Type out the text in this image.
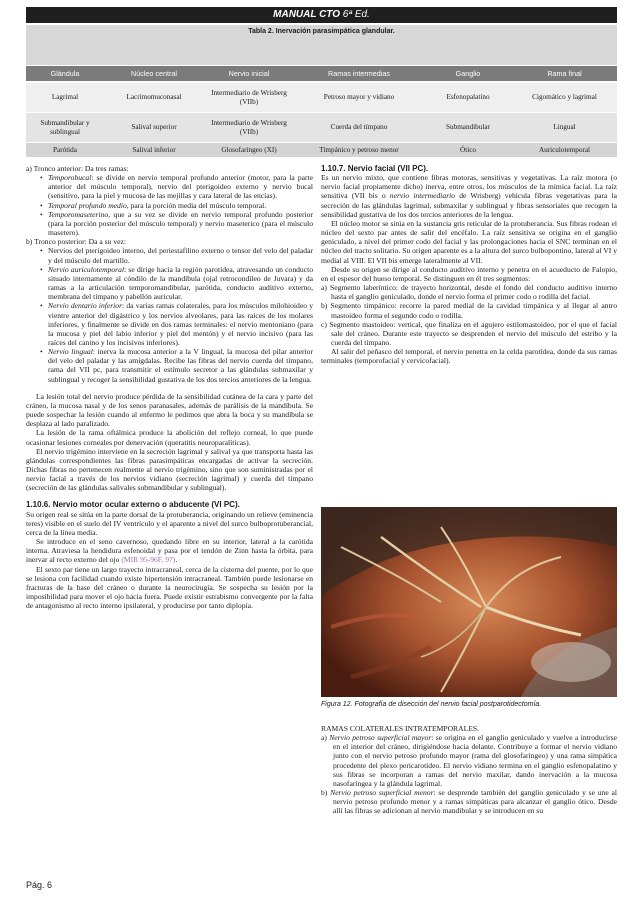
MANUAL CTO 6ª Ed.
Tabla 2. Inervación parasimpática glandular.
Glándula	Núcleo central	Nervio inicial	Ramas intermedias	Ganglio	Rama final
Lagrimal	Lacrimomuconasal	Intermediario de Wrisberg (VIIb)	Petroso mayor y vidiano	Esfenopalatino	Cigomático y lagrimal
Submandibular y sublingual	Salival superior	Intermediario de Wrisberg (VIIb)	Cuerda del tímpano	Submandibular	Lingual
Parótida	Salival inferior	Glosofaríngeo (XI)	Timpánico y petroso menor	Ótico	Auriculotemporal

a) Tronco anterior: Da tres ramas:

• Temporobucal: se divide en nervio temporal profundo anterior (motor, para la parte anterior del músculo temporal), nervio del pterigoideo externo y nervio bucal (sensitivo, para la piel y mucosa de las mejillas y cara lateral de las encías).
• Temporal profundo medio, para la porción media del músculo temporal.
• Temporomaseterino, que a su vez se divide en nervio temporal profundo posterior (para la porción posterior del músculo temporal) y nervio maseterico (para el músculo masetero).

b) Tronco posterior: Da a su vez:

• Nervios del pterigoideo interno, del periestafilino externo o tensor del velo del paladar y del músculo del martillo.
• Nervio auriculotemporal: se dirige hacia la región parotídea, atravesando un conducto situado internamente al cóndilo de la mandíbula (ojal retrocondíleo de Juvara) y da ramas a la articulación temporomandibular, parótida, conducto auditivo externo, membrana del tímpano y pabellón auricular.
• Nervio dentario inferior: da varias ramas colaterales, para los músculos milohioideo y vientre anterior del digástrico y los nervios alveolares, para las raíces de los molares inferiores, y finalmente se divide en dos ramas terminales: el nervio mentoniano (para la mucosa y piel del labio inferior y piel del mentón) y el nervio incisivo (para las raíces del canino y los incisivos inferiores).
• Nervio lingual: inerva la mucosa anterior a la V lingual, la mucosa del pilar anterior del velo del paladar y las amígdalas. Recibe las fibras del nervio cuerda del tímpano, rama del VII pc, para transmitir el estímulo secretor a las glándulas submaxilar y sublingual y recoger la sensibilidad gustativa de los dos tercios anteriores de la lengua.

La lesión total del nervio produce pérdida de la sensibilidad cutánea de la cara y parte del cráneo, la mucosa nasal y de los senos paranasales, además de parálisis de la mandíbula. Se puede sospechar la lesión cuando al enfermo le pedimos que abra la boca y su mandíbula se desplaza al lado paralizado.

La lesión de la rama oftálmica produce la abolición del reflejo corneal, lo que puede ocasionar lesiones corneales por denervación (queratitis neuroparalíticas).

El nervio trigémino interviene en la secreción lagrimal y salival ya que transporta hasta las glándulas correspondientes las fibras parasimpáticas encargadas de activar la secreción. Dichas fibras no pertenecen realmente al nervio trigémino, sino que son suministradas por el nervio facial a través de los nervios vidiano (secreción lagrimal) y cuerda del tímpano (secreción de las glándulas salivales submandibular y sublingual).

1.10.6. Nervio motor ocular externo o abducente (VI PC).

Su origen real se sitúa en la parte dorsal de la protuberancia, originando un relieve (eminencia teres) visible en el suelo del IV ventrículo y el aparente a nivel del surco bulboprotuberancial, cerca de la línea media.

Se introduce en el seno cavernoso, quedando libre en su interior, lateral a la carótida interna. Atraviesa la hendidura esfenoidal y pasa por el tendón de Zinn hasta la órbita, para inervar al recto externo del ojo (MIR 95-96F, 97).

El sexto par tiene un largo trayecto intracraneal, cerca de la cisterna del puente, por lo que se lesiona con facilidad cuando existe hipertensión intracraneal. También puede lesionarse en fracturas de la base del cráneo o durante la neurocirugía. Se sospecha su lesión por la imposibilidad para mover el ojo hacia fuera. Puede existir estrabismo convergente por la falta de antagonismo al recto interno ipsilateral, y producirse por tanto diplopía.

1.10.7. Nervio facial (VII PC).

Es un nervio mixto, que contiene fibras motoras, sensitivas y vegetativas. La raíz motora (o nervio facial propiamente dicho) inerva, entre otros, los músculos de la mímica facial. La raíz sensitiva (VII bis o nervio intermediario de Wrisberg) vehicula fibras vegetativas para la secreción de las glándulas lagrimal, submaxilar y sublingual y fibras sensoriales que recogen la sensibilidad gustativa de los dos tercios anteriores de la lengua.

El núcleo motor se sitúa en la sustancia gris reticular de la protuberancia. Sus fibras rodean el núcleo del sexto par antes de salir del encéfalo. La raíz sensitiva se origina en el ganglio geniculado, a nivel del primer codo del facial y las prolongaciones hacia el SNC terminan en el núcleo del tracto solitario. Su origen aparente es a la altura del surco bulbopontino, lateral al VI y medial al VIII. El VII bis emerge lateralmente al VII.

Desde su origen se dirige al conducto auditivo interno y penetra en el acueducto de Falopio, en el espesor del hueso temporal. Se distinguen en él tres segmentos:

a) Segmento laberíntico: de trayecto horizontal, desde el fondo del conducto auditivo interno hasta el ganglio geniculado, donde el nervio forma el primer codo o rodilla del facial.

b) Segmento timpánico: recorre la pared medial de la cavidad timpánica y al llegar al antro mastoideo forma el segundo codo o rodilla.

c) Segmento mastoideo: vertical, que finaliza en el agujero estilomastoideo, por el que el facial sale del cráneo. Durante este trayecto se desprenden el nervio del músculo del estribo y la cuerda del tímpano.

Al salir del peñasco del temporal, el nervio penetra en la celda parotídea, donde da sus ramas terminales (temporofacial y cervicofacial).

Figura 12. Fotografía de disección del nervio facial postparotidectomía.

RAMAS COLATERALES INTRATEMPORALES.

a) Nervio petroso superficial mayor: se origina en el ganglio geniculado y vuelve a introducirse en el interior del cráneo, dirigiéndose hacia delante. Contribuye a formar el nervio vidiano junto con el nervio petroso profundo mayor (rama del glosofaríngeo) y una rama simpática procedente del plexo pericarotídeo. El nervio vidiano termina en el ganglio esfenopalatino y sus fibras se incorporan a ramas del nervio maxilar, dando inervación a la mucosa nasofaríngea y la glándula lagrimal.

b) Nervio petroso superficial menor: se desprende también del ganglio geniculado y se une al nervio petroso profundo menor y a ramas simpáticas para alcanzar el ganglio ótico. Desde allí las fibras se adicionan al nervio mandibular y se introducen en su

Pág. 6
